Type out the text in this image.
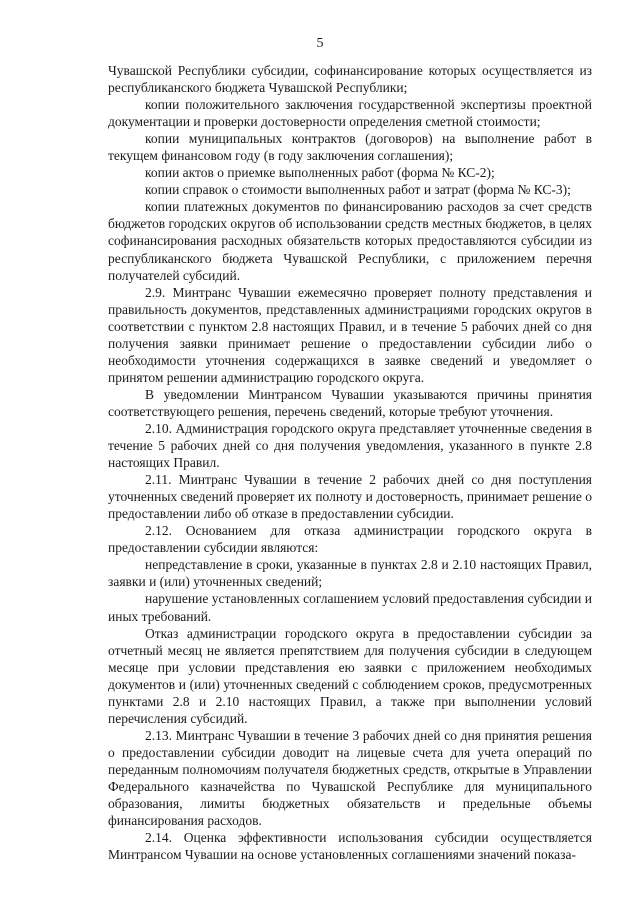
5

Чувашской Республики субсидии, софинансирование которых осуществляется из республиканского бюджета Чувашской Республики;

копии положительного заключения государственной экспертизы проектной документации и проверки достоверности определения сметной стоимости;

копии муниципальных контрактов (договоров) на выполнение работ в текущем финансовом году (в году заключения соглашения);

копии актов о приемке выполненных работ (форма № КС-2);

копии справок о стоимости выполненных работ и затрат (форма № КС-3);

копии платежных документов по финансированию расходов за счет средств бюджетов городских округов об использовании средств местных бюджетов, в целях софинансирования расходных обязательств которых предоставляются субсидии из республиканского бюджета Чувашской Республики, с приложением перечня получателей субсидий.

2.9. Минтранс Чувашии ежемесячно проверяет полноту представления и правильность документов, представленных администрациями городских округов в соответствии с пунктом 2.8 настоящих Правил, и в течение 5 рабочих дней со дня получения заявки принимает решение о предоставлении субсидии либо о необходимости уточнения содержащихся в заявке сведений и уведомляет о принятом решении администрацию городского округа.

В уведомлении Минтрансом Чувашии указываются причины принятия соответствующего решения, перечень сведений, которые требуют уточнения.

2.10. Администрация городского округа представляет уточненные сведения в течение 5 рабочих дней со дня получения уведомления, указанного в пункте 2.8 настоящих Правил.

2.11. Минтранс Чувашии в течение 2 рабочих дней со дня поступления уточненных сведений проверяет их полноту и достоверность, принимает решение о предоставлении либо об отказе в предоставлении субсидии.

2.12. Основанием для отказа администрации городского округа в предоставлении субсидии являются:

непредставление в сроки, указанные в пунктах 2.8 и 2.10 настоящих Правил, заявки и (или) уточненных сведений;

нарушение установленных соглашением условий предоставления субсидии и иных требований.

Отказ администрации городского округа в предоставлении субсидии за отчетный месяц не является препятствием для получения субсидии в следующем месяце при условии представления ею заявки с приложением необходимых документов и (или) уточненных сведений с соблюдением сроков, предусмотренных пунктами 2.8 и 2.10 настоящих Правил, а также при выполнении условий перечисления субсидий.

2.13. Минтранс Чувашии в течение 3 рабочих дней со дня принятия решения о предоставлении субсидии доводит на лицевые счета для учета операций по переданным полномочиям получателя бюджетных средств, открытые в Управлении Федерального казначейства по Чувашской Республике для муниципального образования, лимиты бюджетных обязательств и предельные объемы финансирования расходов.

2.14. Оценка эффективности использования субсидии осуществляется Минтрансом Чувашии на основе установленных соглашениями значений показа-
